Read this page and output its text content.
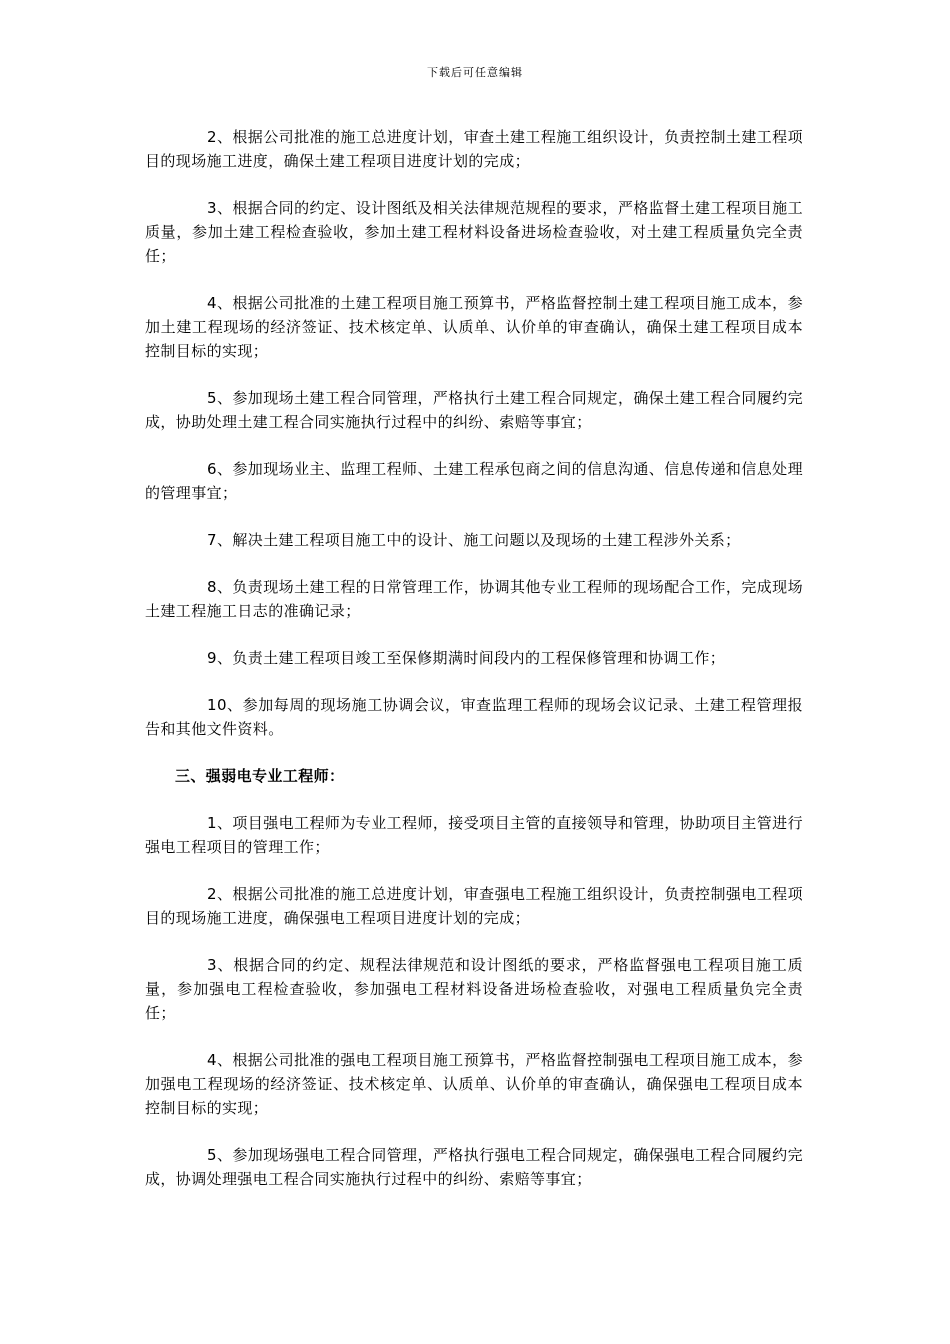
下载后可任意编辑

2、根据公司批准的施工总进度计划，审查土建工程施工组织设计，负责控制土建工程项目的现场施工进度，确保土建工程项目进度计划的完成；

3、根据合同的约定、设计图纸及相关法律规范规程的要求，严格监督土建工程项目施工质量，参加土建工程检查验收，参加土建工程材料设备进场检查验收，对土建工程质量负完全责任；

4、根据公司批准的土建工程项目施工预算书，严格监督控制土建工程项目施工成本，参加土建工程现场的经济签证、技术核定单、认质单、认价单的审查确认，确保土建工程项目成本控制目标的实现；

5、参加现场土建工程合同管理，严格执行土建工程合同规定，确保土建工程合同履约完成，协助处理土建工程合同实施执行过程中的纠纷、索赔等事宜；

6、参加现场业主、监理工程师、土建工程承包商之间的信息沟通、信息传递和信息处理的管理事宜；

7、解决土建工程项目施工中的设计、施工问题以及现场的土建工程涉外关系；

8、负责现场土建工程的日常管理工作，协调其他专业工程师的现场配合工作，完成现场土建工程施工日志的准确记录；

9、负责土建工程项目竣工至保修期满时间段内的工程保修管理和协调工作；

10、参加每周的现场施工协调会议，审查监理工程师的现场会议记录、土建工程管理报告和其他文件资料。

三、强弱电专业工程师：

1、项目强电工程师为专业工程师，接受项目主管的直接领导和管理，协助项目主管进行强电工程项目的管理工作；

2、根据公司批准的施工总进度计划，审查强电工程施工组织设计，负责控制强电工程项目的现场施工进度，确保强电工程项目进度计划的完成；

3、根据合同的约定、规程法律规范和设计图纸的要求，严格监督强电工程项目施工质量，参加强电工程检查验收，参加强电工程材料设备进场检查验收，对强电工程质量负完全责任；

4、根据公司批准的强电工程项目施工预算书，严格监督控制强电工程项目施工成本，参加强电工程现场的经济签证、技术核定单、认质单、认价单的审查确认，确保强电工程项目成本控制目标的实现；

5、参加现场强电工程合同管理，严格执行强电工程合同规定，确保强电工程合同履约完成，协调处理强电工程合同实施执行过程中的纠纷、索赔等事宜；
